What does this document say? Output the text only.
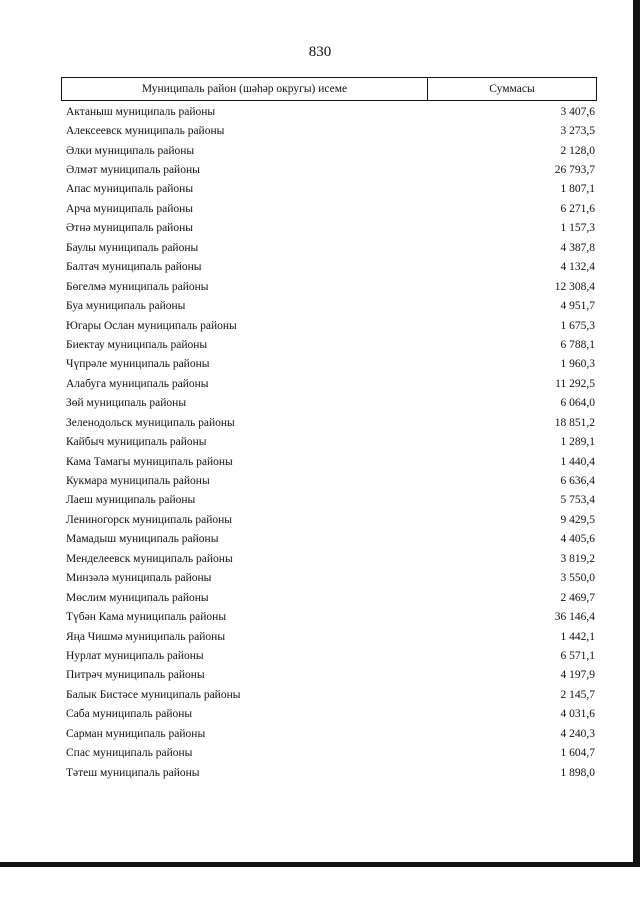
830
Муниципаль район (шәһәр округы) исеме	Суммасы
Актаныш муниципаль районы	3 407,6
Алексеевск муниципаль районы	3 273,5
Әлки муниципаль районы	2 128,0
Әлмәт муниципаль районы	26 793,7
Апас муниципаль районы	1 807,1
Арча муниципаль районы	6 271,6
Әтнә муниципаль районы	1 157,3
Баулы муниципаль районы	4 387,8
Балтач муниципаль районы	4 132,4
Бөгелмә муниципаль районы	12 308,4
Буа муниципаль районы	4 951,7
Югары Ослан муниципаль районы	1 675,3
Биектау муниципаль районы	6 788,1
Чүпрәле муниципаль районы	1 960,3
Алабуга муниципаль районы	11 292,5
Зөй муниципаль районы	6 064,0
Зеленодольск муниципаль районы	18 851,2
Кайбыч муниципаль районы	1 289,1
Кама Тамагы муниципаль районы	1 440,4
Кукмара муниципаль районы	6 636,4
Лаеш муниципаль районы	5 753,4
Лениногорск муниципаль районы	9 429,5
Мамадыш муниципаль районы	4 405,6
Менделеевск муниципаль районы	3 819,2
Минзәлә муниципаль районы	3 550,0
Мөслим муниципаль районы	2 469,7
Түбән Кама муниципаль районы	36 146,4
Яңа Чишмә муниципаль районы	1 442,1
Нурлат муниципаль районы	6 571,1
Питрәч муниципаль районы	4 197,9
Балык Бистәсе муниципаль районы	2 145,7
Саба муниципаль районы	4 031,6
Сарман муниципаль районы	4 240,3
Спас муниципаль районы	1 604,7
Тәтеш муниципаль районы	1 898,0
